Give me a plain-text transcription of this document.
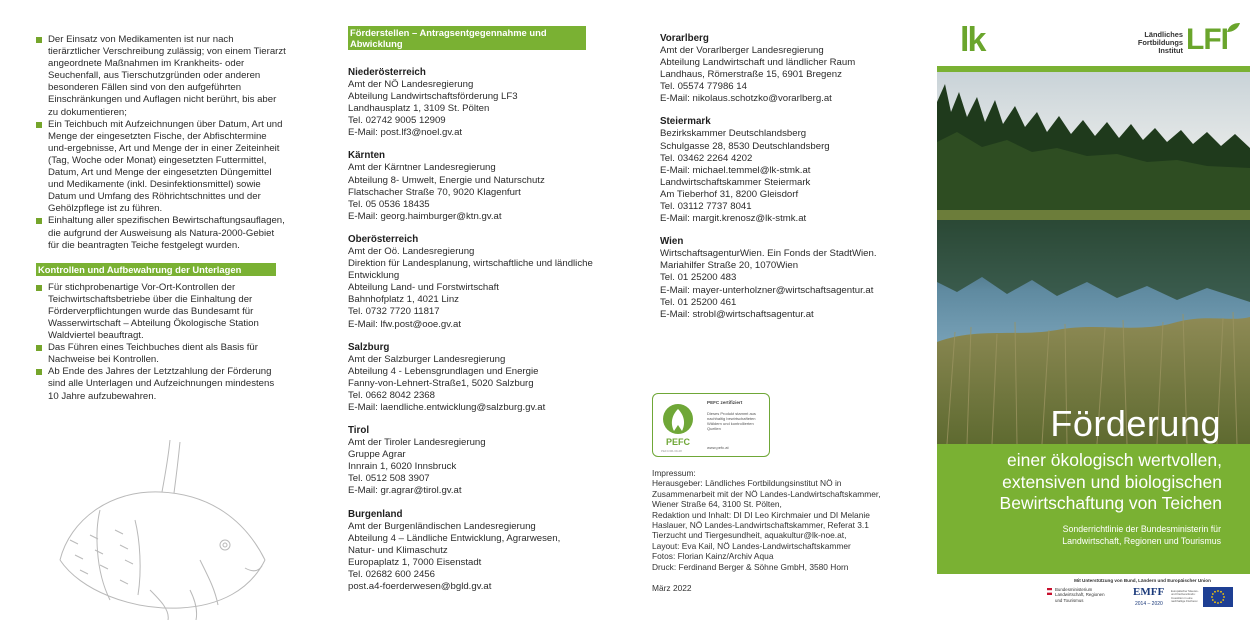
Der Einsatz von Medikamenten ist nur nach tierärztlicher Verschreibung zulässig; von einem Tierarzt angeordnete Maßnahmen im Krankheits- oder Seuchenfall, aus Tierschutzgründen oder anderen besonderen Fällen sind von den aufgeführten Einschränkungen und Auflagen nicht berührt, bis aber zu dokumentieren;
Ein Teichbuch mit Aufzeichnungen über Datum, Art und Menge der eingesetzten Fische, der Abfischtermine und-ergebnisse, Art und Menge der in einer Zeiteinheit (Tag, Woche oder Monat) eingesetzten Futtermittel, Datum, Art und Menge der eingesetzten Düngemittel und Medikamente (inkl. Desinfektionsmittel) sowie Datum und Umfang des Röhrichtschnittes und der Gehölzpflege ist zu führen.
Einhaltung aller spezifischen Bewirtschaftungsauflagen, die aufgrund der Ausweisung als Natura-2000-Gebiet für die beantragten Teiche festgelegt wurden.
Kontrollen und Aufbewahrung der Unterlagen
Für stichprobenartige Vor-Ort-Kontrollen der Teichwirtschaftsbetriebe über die Einhaltung der Förderverpflichtungen wurde das Bundesamt für Wasserwirtschaft – Abteilung Ökologische Station Waldviertel beauftragt.
Das Führen eines Teichbuches dient als Basis für Nachweise bei Kontrollen.
Ab Ende des Jahres der Letztzahlung der Förderung sind alle Unterlagen und Aufzeichnungen mindestens 10 Jahre aufzubewahren.
Förderstellen – Antragsentgegennahme und Abwicklung
Niederösterreich

Amt der NÖ Landesregierung
Abteilung Landwirtschaftsförderung LF3
Landhausplatz 1, 3109 St. Pölten
Tel. 02742 9005 12909
E-Mail: post.lf3@noel.gv.at

Kärnten

Amt der Kärntner Landesregierung
Abteilung 8- Umwelt, Energie und Naturschutz
Flatschacher Straße 70, 9020 Klagenfurt
Tel. 05 0536 18435
E-Mail: georg.haimburger@ktn.gv.at

Oberösterreich

Amt der Oö. Landesregierung
Direktion für Landesplanung, wirtschaftliche und ländliche
Entwicklung
Abteilung Land- und Forstwirtschaft
Bahnhofplatz 1, 4021 Linz
Tel. 0732 7720 11817
E-Mail: lfw.post@ooe.gv.at

Salzburg

Amt der Salzburger Landesregierung
Abteilung 4 - Lebensgrundlagen und Energie
Fanny-von-Lehnert-Straße1, 5020 Salzburg
Tel. 0662 8042 2368
E-Mail: laendliche.entwicklung@salzburg.gv.at

Tirol

Amt der Tiroler Landesregierung
Gruppe Agrar
Innrain 1, 6020 Innsbruck
Tel. 0512 508 3907
E-Mail: gr.agrar@tirol.gv.at

Burgenland

Amt der Burgenländischen Landesregierung
Abteilung 4 – Ländliche Entwicklung, Agrarwesen,
Natur- und Klimaschutz
Europaplatz 1, 7000 Eisenstadt
Tel. 02682 600 2456
post.a4-foerderwesen@bgld.gv.at

Vorarlberg

Amt der Vorarlberger Landesregierung
Abteilung Landwirtschaft und ländlicher Raum
Landhaus, Römerstraße 15, 6901 Bregenz
Tel. 05574 77986 14
E-Mail: nikolaus.schotzko@vorarlberg.at

Steiermark

Bezirkskammer Deutschlandsberg
Schulgasse 28, 8530 Deutschlandsberg
Tel. 03462 2264 4202
E-Mail: michael.temmel@lk-stmk.at
Landwirtschaftskammer Steiermark
Am Tieberhof 31, 8200 Gleisdorf
Tel. 03112 7737 8041
E-Mail: margit.krenosz@lk-stmk.at

Wien

WirtschaftsagenturWien. Ein Fonds der StadtWien.
Mariahilfer Straße 20, 1070Wien
Tel. 01 25200 483
E-Mail: mayer-unterholzner@wirtschaftsagentur.at
Tel. 01 25200 461
E-Mail: strobl@wirtschaftsagentur.at

PEFC
PEFC zertifiziert
Dieses Produkt stammt aus nachhaltig bewirtschafteten Wäldern und kontrollierten Quellen
www.pefc.at
PEFC/06-39-28

Impressum:
Herausgeber: Ländliches Fortbildungsinstitut NÖ in Zusammenarbeit mit der NÖ Landes-Landwirtschaftskammer, Wiener Straße 64, 3100 St. Pölten,
Redaktion und Inhalt: DI DI Leo Kirchmaier und DI Melanie Haslauer, NÖ Landes-Landwirtschaftskammer, Referat 3.1 Tierzucht und Tiergesundheit, aquakultur@lk-noe.at,
Layout: Eva Kail, NÖ Landes-Landwirtschaftskammer
Fotos: Florian Kainz/Archiv Aqua
Druck: Ferdinand Berger & Söhne GmbH, 3580 Horn

März 2022

lk	Ländliches Fortbildungs Institut LFI
Förderung
einer ökologisch wertvollen,
extensiven und biologischen
Bewirtschaftung von Teichen
Sonderrichtlinie der Bundesministerin für
Landwirtschaft, Regionen und Tourismus
Mit Unterstützung von Bund, Ländern und Europäischer Union
Bundesministerium
Landwirtschaft, Regionen
und Tourismus
EMFF
2014 – 2020
Europäischer Meeres- und Fischereifonds: Investition in eine nachhaltige Fischerei
